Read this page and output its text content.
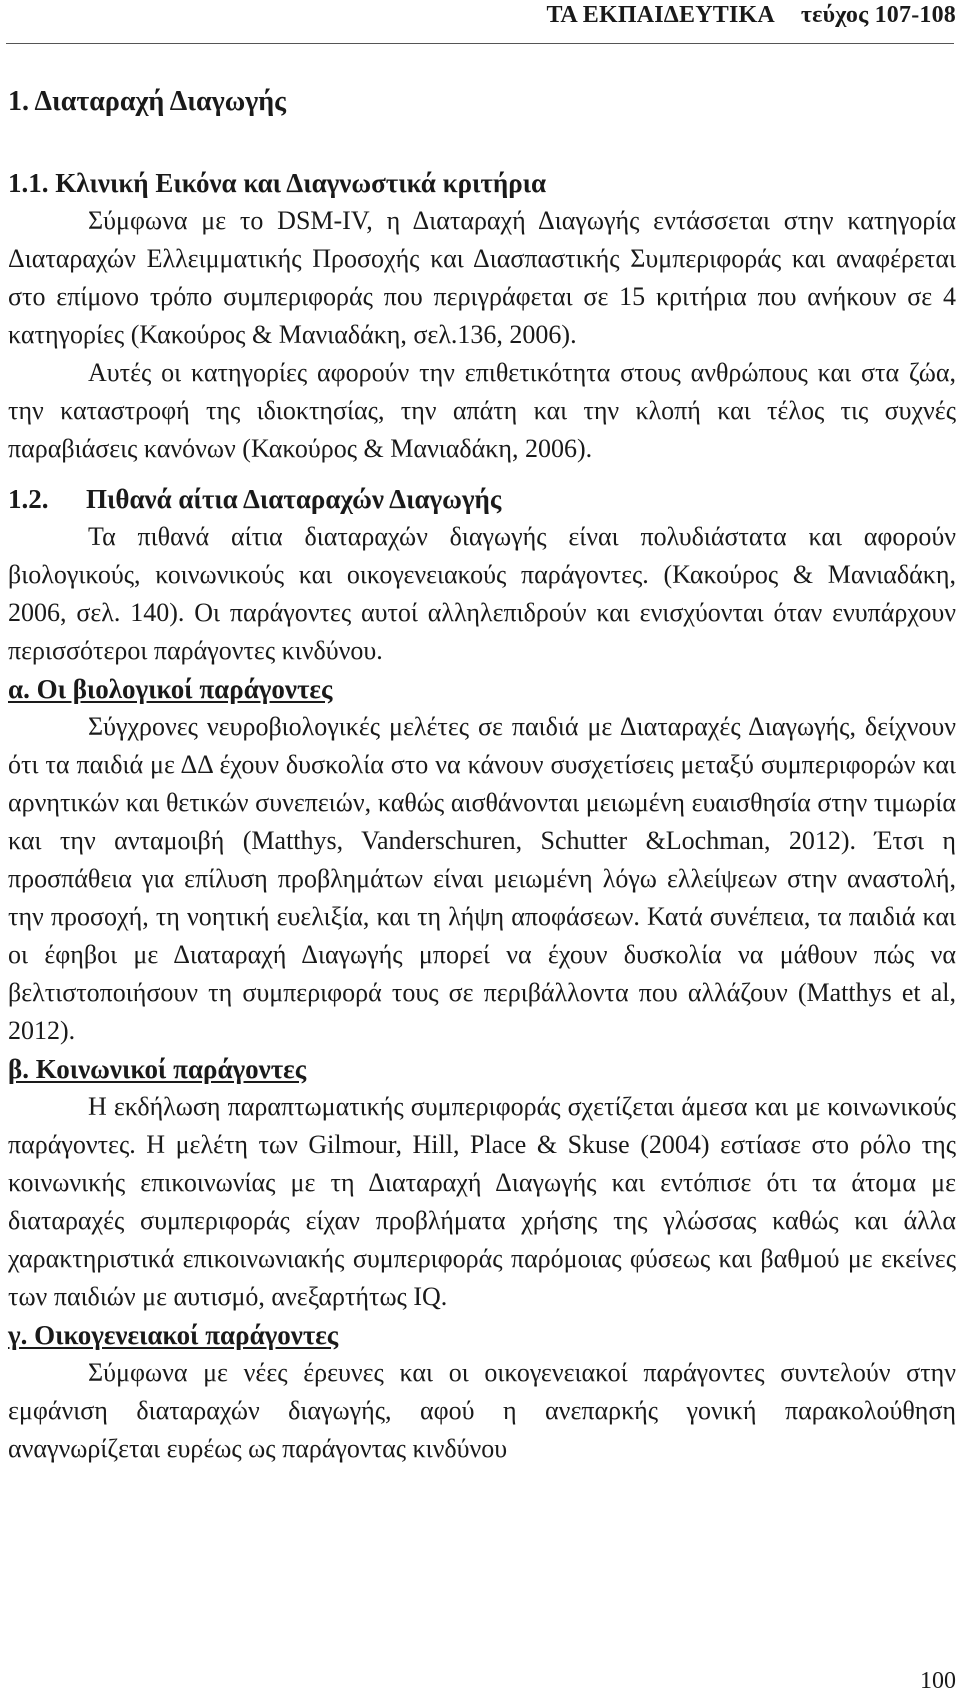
ΤΑ ΕΚΠΑΙΔΕΥΤΙΚΑ τεύχος 107-108
1. Διαταραχή Διαγωγής
1.1. Κλινική Εικόνα και Διαγνωστικά κριτήρια

Σύμφωνα με το DSM-IV, η Διαταραχή Διαγωγής εντάσσεται στην κατηγορία Διαταραχών Ελλειμματικής Προσοχής και Διασπαστικής Συμπεριφοράς και αναφέρεται στο επίμονο τρόπο συμπεριφοράς που περιγράφεται σε 15 κριτήρια που ανήκουν σε 4 κατηγορίες (Κακούρος & Μανιαδάκη, σελ.136, 2006).

Αυτές οι κατηγορίες αφορούν την επιθετικότητα στους ανθρώπους και στα ζώα, την καταστροφή της ιδιοκτησίας, την απάτη και την κλοπή και τέλος τις συχνές παραβιάσεις κανόνων (Κακούρος & Μανιαδάκη, 2006).

1.2. Πιθανά αίτια Διαταραχών Διαγωγής

Τα πιθανά αίτια διαταραχών διαγωγής είναι πολυδιάστατα και αφορούν βιολογικούς, κοινωνικούς και οικογενειακούς παράγοντες. (Κακούρος & Μανιαδάκη, 2006, σελ. 140). Οι παράγοντες αυτοί αλληλεπιδρούν και ενισχύονται όταν ενυπάρχουν περισσότεροι παράγοντες κινδύνου.

α. Οι βιολογικοί παράγοντες

Σύγχρονες νευροβιολογικές μελέτες σε παιδιά με Διαταραχές Διαγωγής, δείχνουν ότι τα παιδιά με ΔΔ έχουν δυσκολία στο να κάνουν συσχετίσεις μεταξύ συμπεριφορών και αρνητικών και θετικών συνεπειών, καθώς αισθάνονται μειωμένη ευαισθησία στην τιμωρία και την ανταμοιβή (Matthys, Vanderschuren, Schutter &Lochman, 2012). Έτσι η προσπάθεια για επίλυση προβλημάτων είναι μειωμένη λόγω ελλείψεων στην αναστολή, την προσοχή, τη νοητική ευελιξία, και τη λήψη αποφάσεων. Κατά συνέπεια, τα παιδιά και οι έφηβοι με Διαταραχή Διαγωγής μπορεί να έχουν δυσκολία να μάθουν πώς να βελτιστοποιήσουν τη συμπεριφορά τους σε περιβάλλοντα που αλλάζουν (Matthys et al, 2012).

β. Κοινωνικοί παράγοντες

Η εκδήλωση παραπτωματικής συμπεριφοράς σχετίζεται άμεσα και με κοινωνικούς παράγοντες. Η μελέτη των Gilmour, Hill, Place & Skuse (2004) εστίασε στο ρόλο της κοινωνικής επικοινωνίας με τη Διαταραχή Διαγωγής και εντόπισε ότι τα άτομα με διαταραχές συμπεριφοράς είχαν προβλήματα χρήσης της γλώσσας καθώς και άλλα χαρακτηριστικά επικοινωνιακής συμπεριφοράς παρόμοιας φύσεως και βαθμού με εκείνες των παιδιών με αυτισμό, ανεξαρτήτως IQ.

γ. Οικογενειακοί παράγοντες

Σύμφωνα με νέες έρευνες και οι οικογενειακοί παράγοντες συντελούν στην εμφάνιση διαταραχών διαγωγής, αφού η ανεπαρκής γονική παρακολούθηση αναγνωρίζεται ευρέως ως παράγοντας κινδύνου

100
